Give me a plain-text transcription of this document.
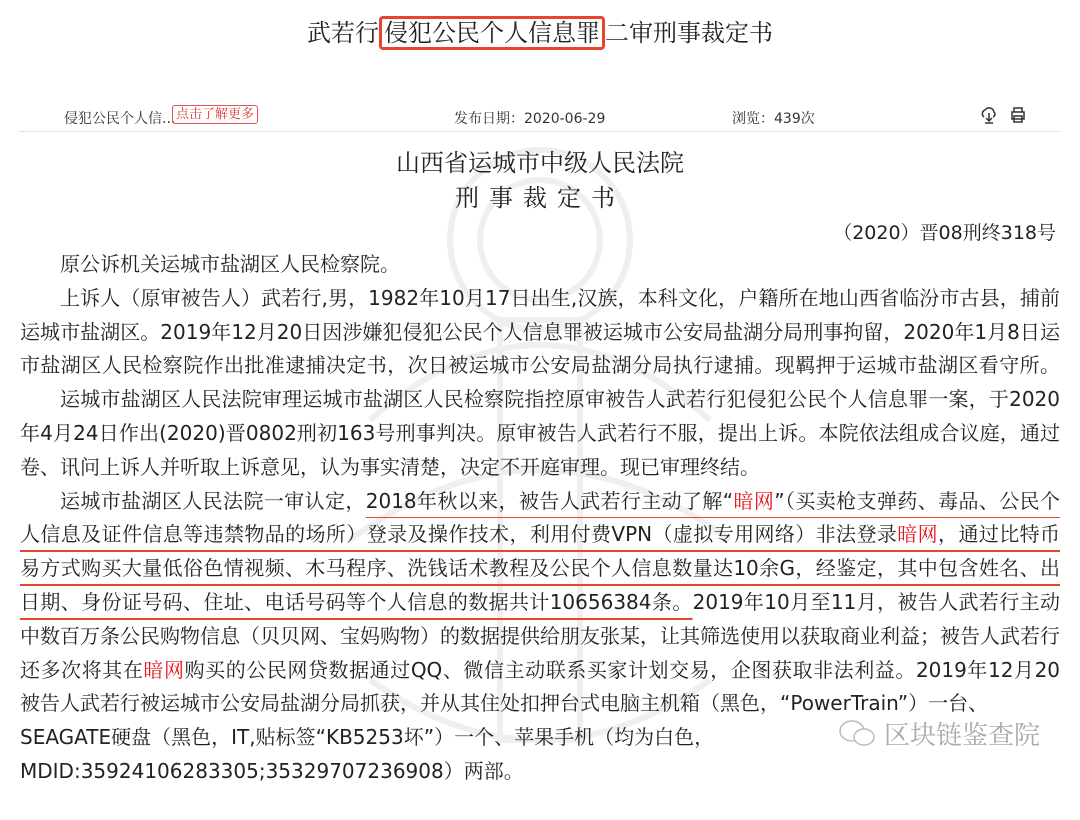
武若行 侵犯公民个人信息罪 二审刑事裁定书
侵犯公民个人信... 点击了解更多	发布日期：2020-06-29	浏览：439次
山西省运城市中级人民法院
刑事裁定书
（2020）晋08刑终318号
原公诉机关运城市盐湖区人民检察院。
上诉人（原审被告人）武若行,男，1982年10月17日出生,汉族，本科文化，户籍所在地山西省临汾市古县，捕前
运城市盐湖区。2019年12月20日因涉嫌犯侵犯公民个人信息罪被运城市公安局盐湖分局刑事拘留，2020年1月8日运
市盐湖区人民检察院作出批准逮捕决定书，次日被运城市公安局盐湖分局执行逮捕。现羁押于运城市盐湖区看守所。
运城市盐湖区人民法院审理运城市盐湖区人民检察院指控原审被告人武若行犯侵犯公民个人信息罪一案，于2020
年4月24日作出(2020)晋0802刑初163号刑事判决。原审被告人武若行不服，提出上诉。本院依法组成合议庭，通过
卷、讯问上诉人并听取上诉意见，认为事实清楚，决定不开庭审理。现已审理终结。
运城市盐湖区人民法院一审认定，2018年秋以来，被告人武若行主动了解“暗网”（买卖枪支弹药、毒品、公民个
人信息及证件信息等违禁物品的场所）登录及操作技术，利用付费VPN（虚拟专用网络）非法登录暗网，通过比特币
易方式购买大量低俗色情视频、木马程序、洗钱话术教程及公民个人信息数量达10余G，经鉴定，其中包含姓名、出
日期、身份证号码、住址、电话号码等个人信息的数据共计10656384条。2019年10月至11月，被告人武若行主动
中数百万条公民购物信息（贝贝网、宝妈购物）的数据提供给朋友张某，让其筛选使用以获取商业利益；被告人武若行
还多次将其在暗网购买的公民网贷数据通过QQ、微信主动联系买家计划交易，企图获取非法利益。2019年12月20
被告人武若行被运城市公安局盐湖分局抓获，并从其住处扣押台式电脑主机箱（黑色，“PowerTrain”）一台、
SEAGATE硬盘（黑色，IT,贴标签“KB5253坏”）一个、苹果手机（均为白色，
MDID:35924106283305;35329707236908）两部。
区块链鉴查院
